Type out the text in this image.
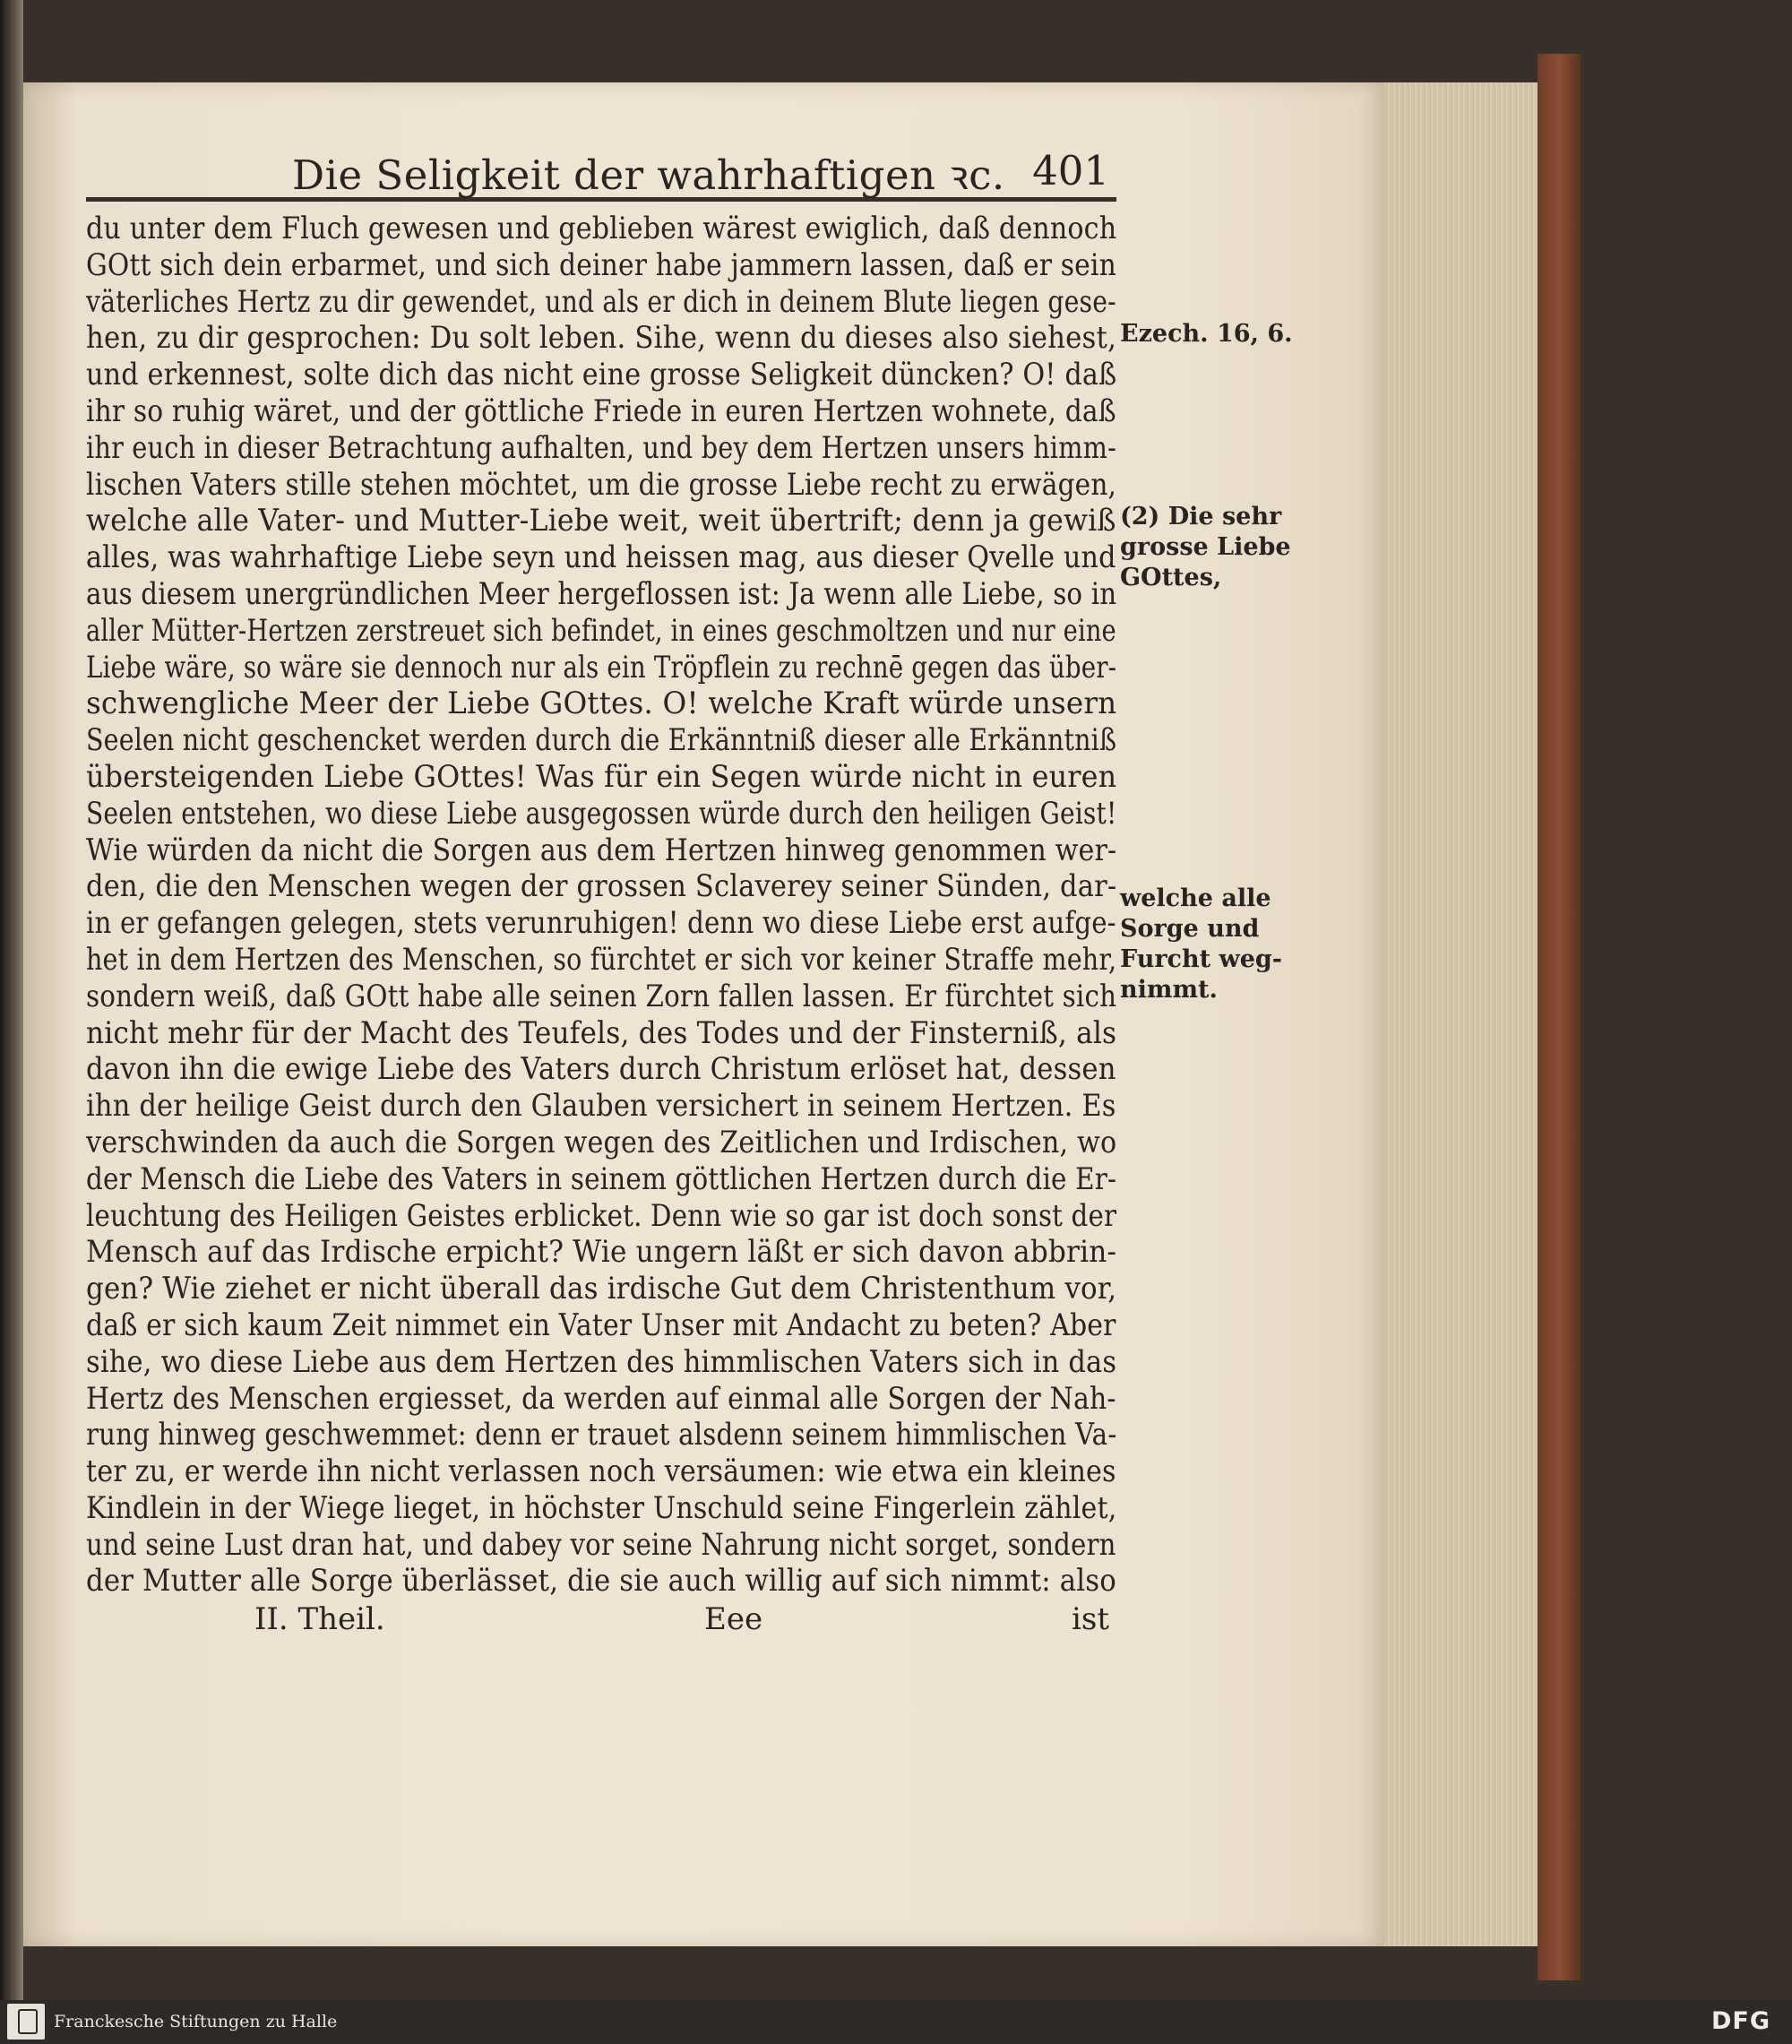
Die Seligkeit der wahrhaftigen ꝛc. 401
du unter dem Fluch gewesen und geblieben wärest ewiglich, daß dennoch
GOtt sich dein erbarmet, und sich deiner habe jammern lassen, daß er sein
väterliches Hertz zu dir gewendet, und als er dich in deinem Blute liegen gese-
hen, zu dir gesprochen: Du solt leben. Sihe, wenn du dieses also siehest,
und erkennest, solte dich das nicht eine grosse Seligkeit düncken? O! daß
ihr so ruhig wäret, und der göttliche Friede in euren Hertzen wohnete, daß
ihr euch in dieser Betrachtung aufhalten, und bey dem Hertzen unsers himm-
lischen Vaters stille stehen möchtet, um die grosse Liebe recht zu erwägen,
welche alle Vater- und Mutter-Liebe weit, weit übertrift; denn ja gewiß
alles, was wahrhaftige Liebe seyn und heissen mag, aus dieser Qvelle und
aus diesem unergründlichen Meer hergeflossen ist: Ja wenn alle Liebe, so in
aller Mütter-Hertzen zerstreuet sich befindet, in eines geschmoltzen und nur eine
Liebe wäre, so wäre sie dennoch nur als ein Tröpflein zu rechnē gegen das über-
schwengliche Meer der Liebe GOttes. O! welche Kraft würde unsern
Seelen nicht geschencket werden durch die Erkänntniß dieser alle Erkänntniß
übersteigenden Liebe GOttes! Was für ein Segen würde nicht in euren
Seelen entstehen, wo diese Liebe ausgegossen würde durch den heiligen Geist!
Wie würden da nicht die Sorgen aus dem Hertzen hinweg genommen wer-
den, die den Menschen wegen der grossen Sclaverey seiner Sünden, dar-
in er gefangen gelegen, stets verunruhigen! denn wo diese Liebe erst aufge-
het in dem Hertzen des Menschen, so fürchtet er sich vor keiner Straffe mehr,
sondern weiß, daß GOtt habe alle seinen Zorn fallen lassen. Er fürchtet sich
nicht mehr für der Macht des Teufels, des Todes und der Finsterniß, als
davon ihn die ewige Liebe des Vaters durch Christum erlöset hat, dessen
ihn der heilige Geist durch den Glauben versichert in seinem Hertzen. Es
verschwinden da auch die Sorgen wegen des Zeitlichen und Irdischen, wo
der Mensch die Liebe des Vaters in seinem göttlichen Hertzen durch die Er-
leuchtung des Heiligen Geistes erblicket. Denn wie so gar ist doch sonst der
Mensch auf das Irdische erpicht? Wie ungern läßt er sich davon abbrin-
gen? Wie ziehet er nicht überall das irdische Gut dem Christenthum vor,
daß er sich kaum Zeit nimmet ein Vater Unser mit Andacht zu beten? Aber
sihe, wo diese Liebe aus dem Hertzen des himmlischen Vaters sich in das
Hertz des Menschen ergiesset, da werden auf einmal alle Sorgen der Nah-
rung hinweg geschwemmet: denn er trauet alsdenn seinem himmlischen Va-
ter zu, er werde ihn nicht verlassen noch versäumen: wie etwa ein kleines
Kindlein in der Wiege lieget, in höchster Unschuld seine Fingerlein zählet,
und seine Lust dran hat, und dabey vor seine Nahrung nicht sorget, sondern
der Mutter alle Sorge überlässet, die sie auch willig auf sich nimmt: also
II. Theil.	Eee	ist
Ezech. 16, 6.
(2) Die sehr
grosse Liebe
GOttes,
welche alle
Sorge und
Furcht weg-
nimmt.
Franckesche Stiftungen zu Halle	DFG
